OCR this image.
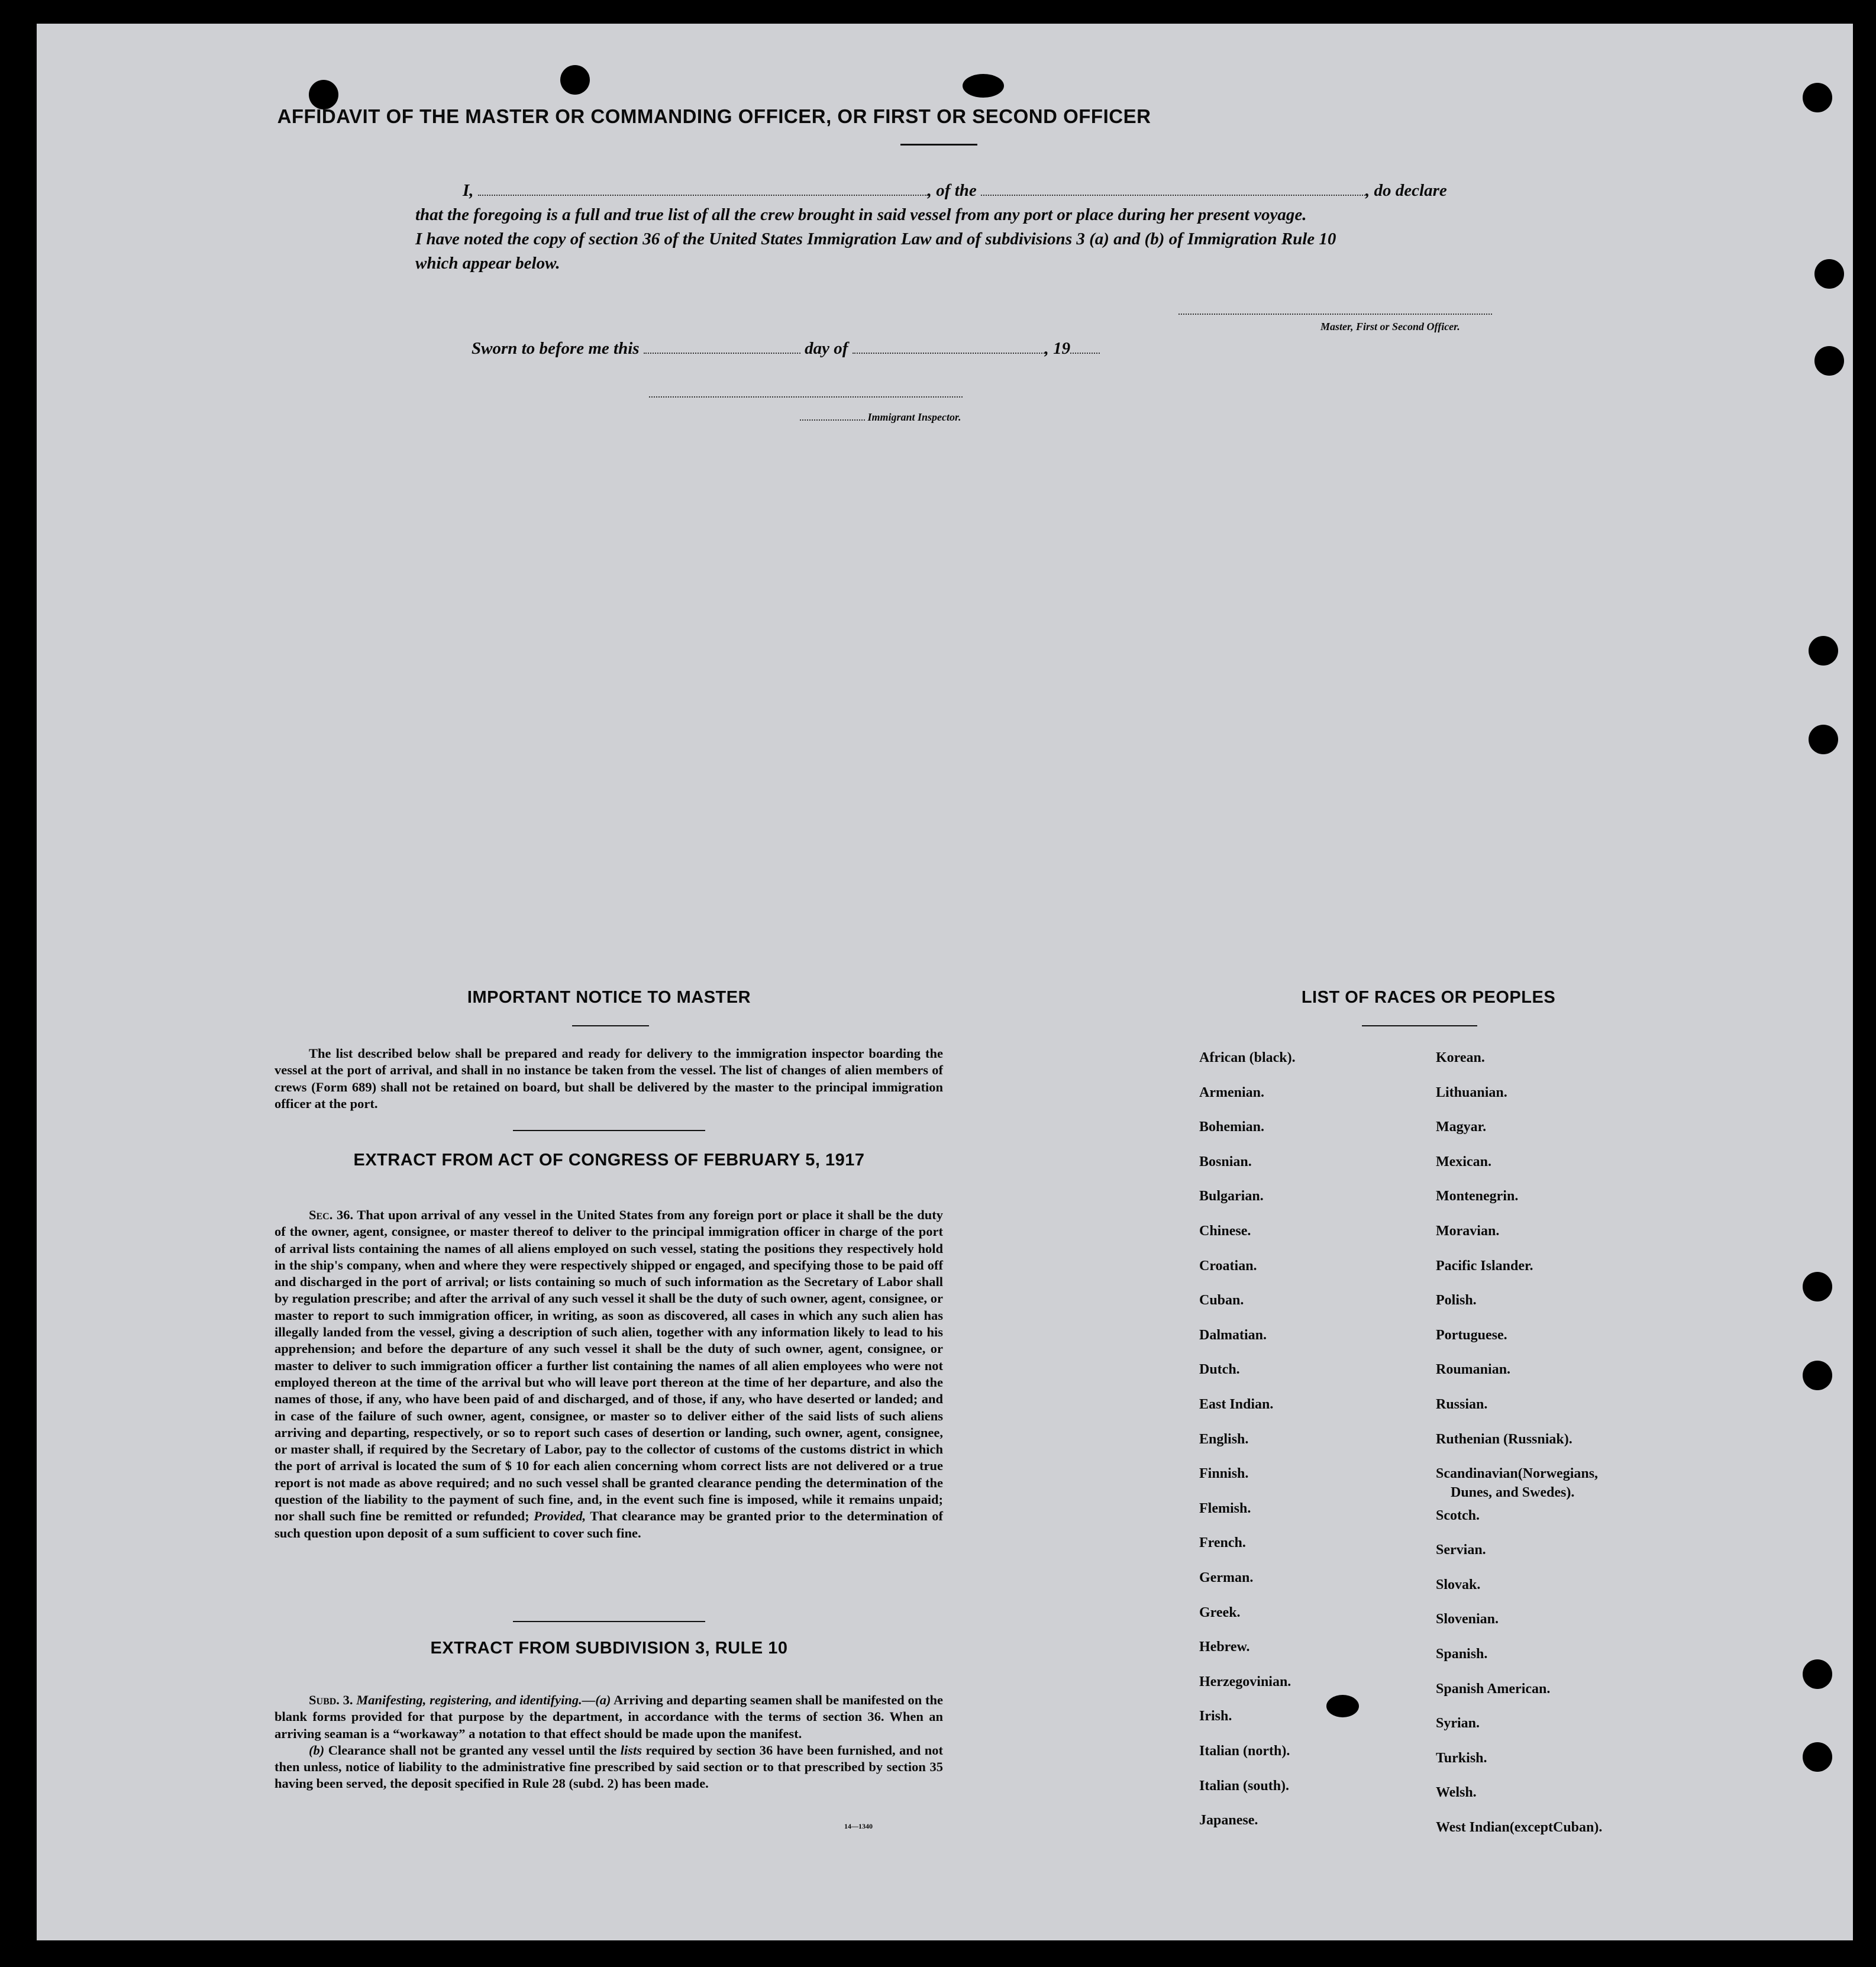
AFFIDAVIT OF THE MASTER OR COMMANDING OFFICER, OR FIRST OR SECOND OFFICER
I,	, of the	, do declare
that the foregoing is a full and true list of all the crew brought in said vessel from any port or place during her present voyage.
I have noted the copy of section 36 of the United States Immigration Law and of subdivisions 3 (a) and (b) of Immigration Rule 10
which appear below.
Master, First or Second Officer.
Sworn to before me this	day of	, 19
Immigrant Inspector.
IMPORTANT NOTICE TO MASTER

The list described below shall be prepared and ready for delivery to the immigration inspector boarding the vessel at the port of arrival, and shall in no instance be taken from the vessel. The list of changes of alien members of crews (Form 689) shall not be retained on board, but shall be delivered by the master to the principal immigration officer at the port.

EXTRACT FROM ACT OF CONGRESS OF FEBRUARY 5, 1917

Sec. 36. That upon arrival of any vessel in the United States from any foreign port or place it shall be the duty of the owner, agent, consignee, or master thereof to deliver to the principal immigration officer in charge of the port of arrival lists containing the names of all aliens employed on such vessel, stating the positions they respectively hold in the ship's company, when and where they were respectively shipped or engaged, and specifying those to be paid off and discharged in the port of arrival; or lists containing so much of such information as the Secretary of Labor shall by regulation prescribe; and after the arrival of any such vessel it shall be the duty of such owner, agent, consignee, or master to report to such immigration officer, in writing, as soon as discovered, all cases in which any such alien has illegally landed from the vessel, giving a description of such alien, together with any information likely to lead to his apprehension; and before the departure of any such vessel it shall be the duty of such owner, agent, consignee, or master to deliver to such immigration officer a further list containing the names of all alien employees who were not employed thereon at the time of the arrival but who will leave port thereon at the time of her departure, and also the names of those, if any, who have been paid of and discharged, and of those, if any, who have deserted or landed; and in case of the failure of such owner, agent, consignee, or master so to deliver either of the said lists of such aliens arriving and departing, respectively, or so to report such cases of desertion or landing, such owner, agent, consignee, or master shall, if required by the Secretary of Labor, pay to the collector of customs of the customs district in which the port of arrival is located the sum of $ 10 for each alien concerning whom correct lists are not delivered or a true report is not made as above required; and no such vessel shall be granted clearance pending the determination of the question of the liability to the payment of such fine, and, in the event such fine is imposed, while it remains unpaid; nor shall such fine be remitted or refunded; Provided, That clearance may be granted prior to the determination of such question upon deposit of a sum sufficient to cover such fine.

EXTRACT FROM SUBDIVISION 3, RULE 10

Subd. 3. Manifesting, registering, and identifying.—(a) Arriving and departing seamen shall be manifested on the blank forms provided for that purpose by the department, in accordance with the terms of section 36. When an arriving seaman is a “workaway” a notation to that effect should be made upon the manifest.

(b) Clearance shall not be granted any vessel until the lists required by section 36 have been furnished, and not then unless, notice of liability to the administrative fine prescribed by said section or to that prescribed by section 35 having been served, the deposit specified in Rule 28 (subd. 2) has been made.

14—1340
LIST OF RACES OR PEOPLES
African (black).
Armenian.
Bohemian.
Bosnian.
Bulgarian.
Chinese.
Croatian.
Cuban.
Dalmatian.
Dutch.
East Indian.
English.
Finnish.
Flemish.
French.
German.
Greek.
Hebrew.
Herzegovinian.
Irish.
Italian (north).
Italian (south).
Japanese.
Korean.
Lithuanian.
Magyar.
Mexican.
Montenegrin.
Moravian.
Pacific Islander.
Polish.
Portuguese.
Roumanian.
Russian.
Ruthenian (Russniak).
Scandinavian(Norwegians,
Dunes, and Swedes).
Scotch.
Servian.
Slovak.
Slovenian.
Spanish.
Spanish American.
Syrian.
Turkish.
Welsh.
West Indian(exceptCuban).
